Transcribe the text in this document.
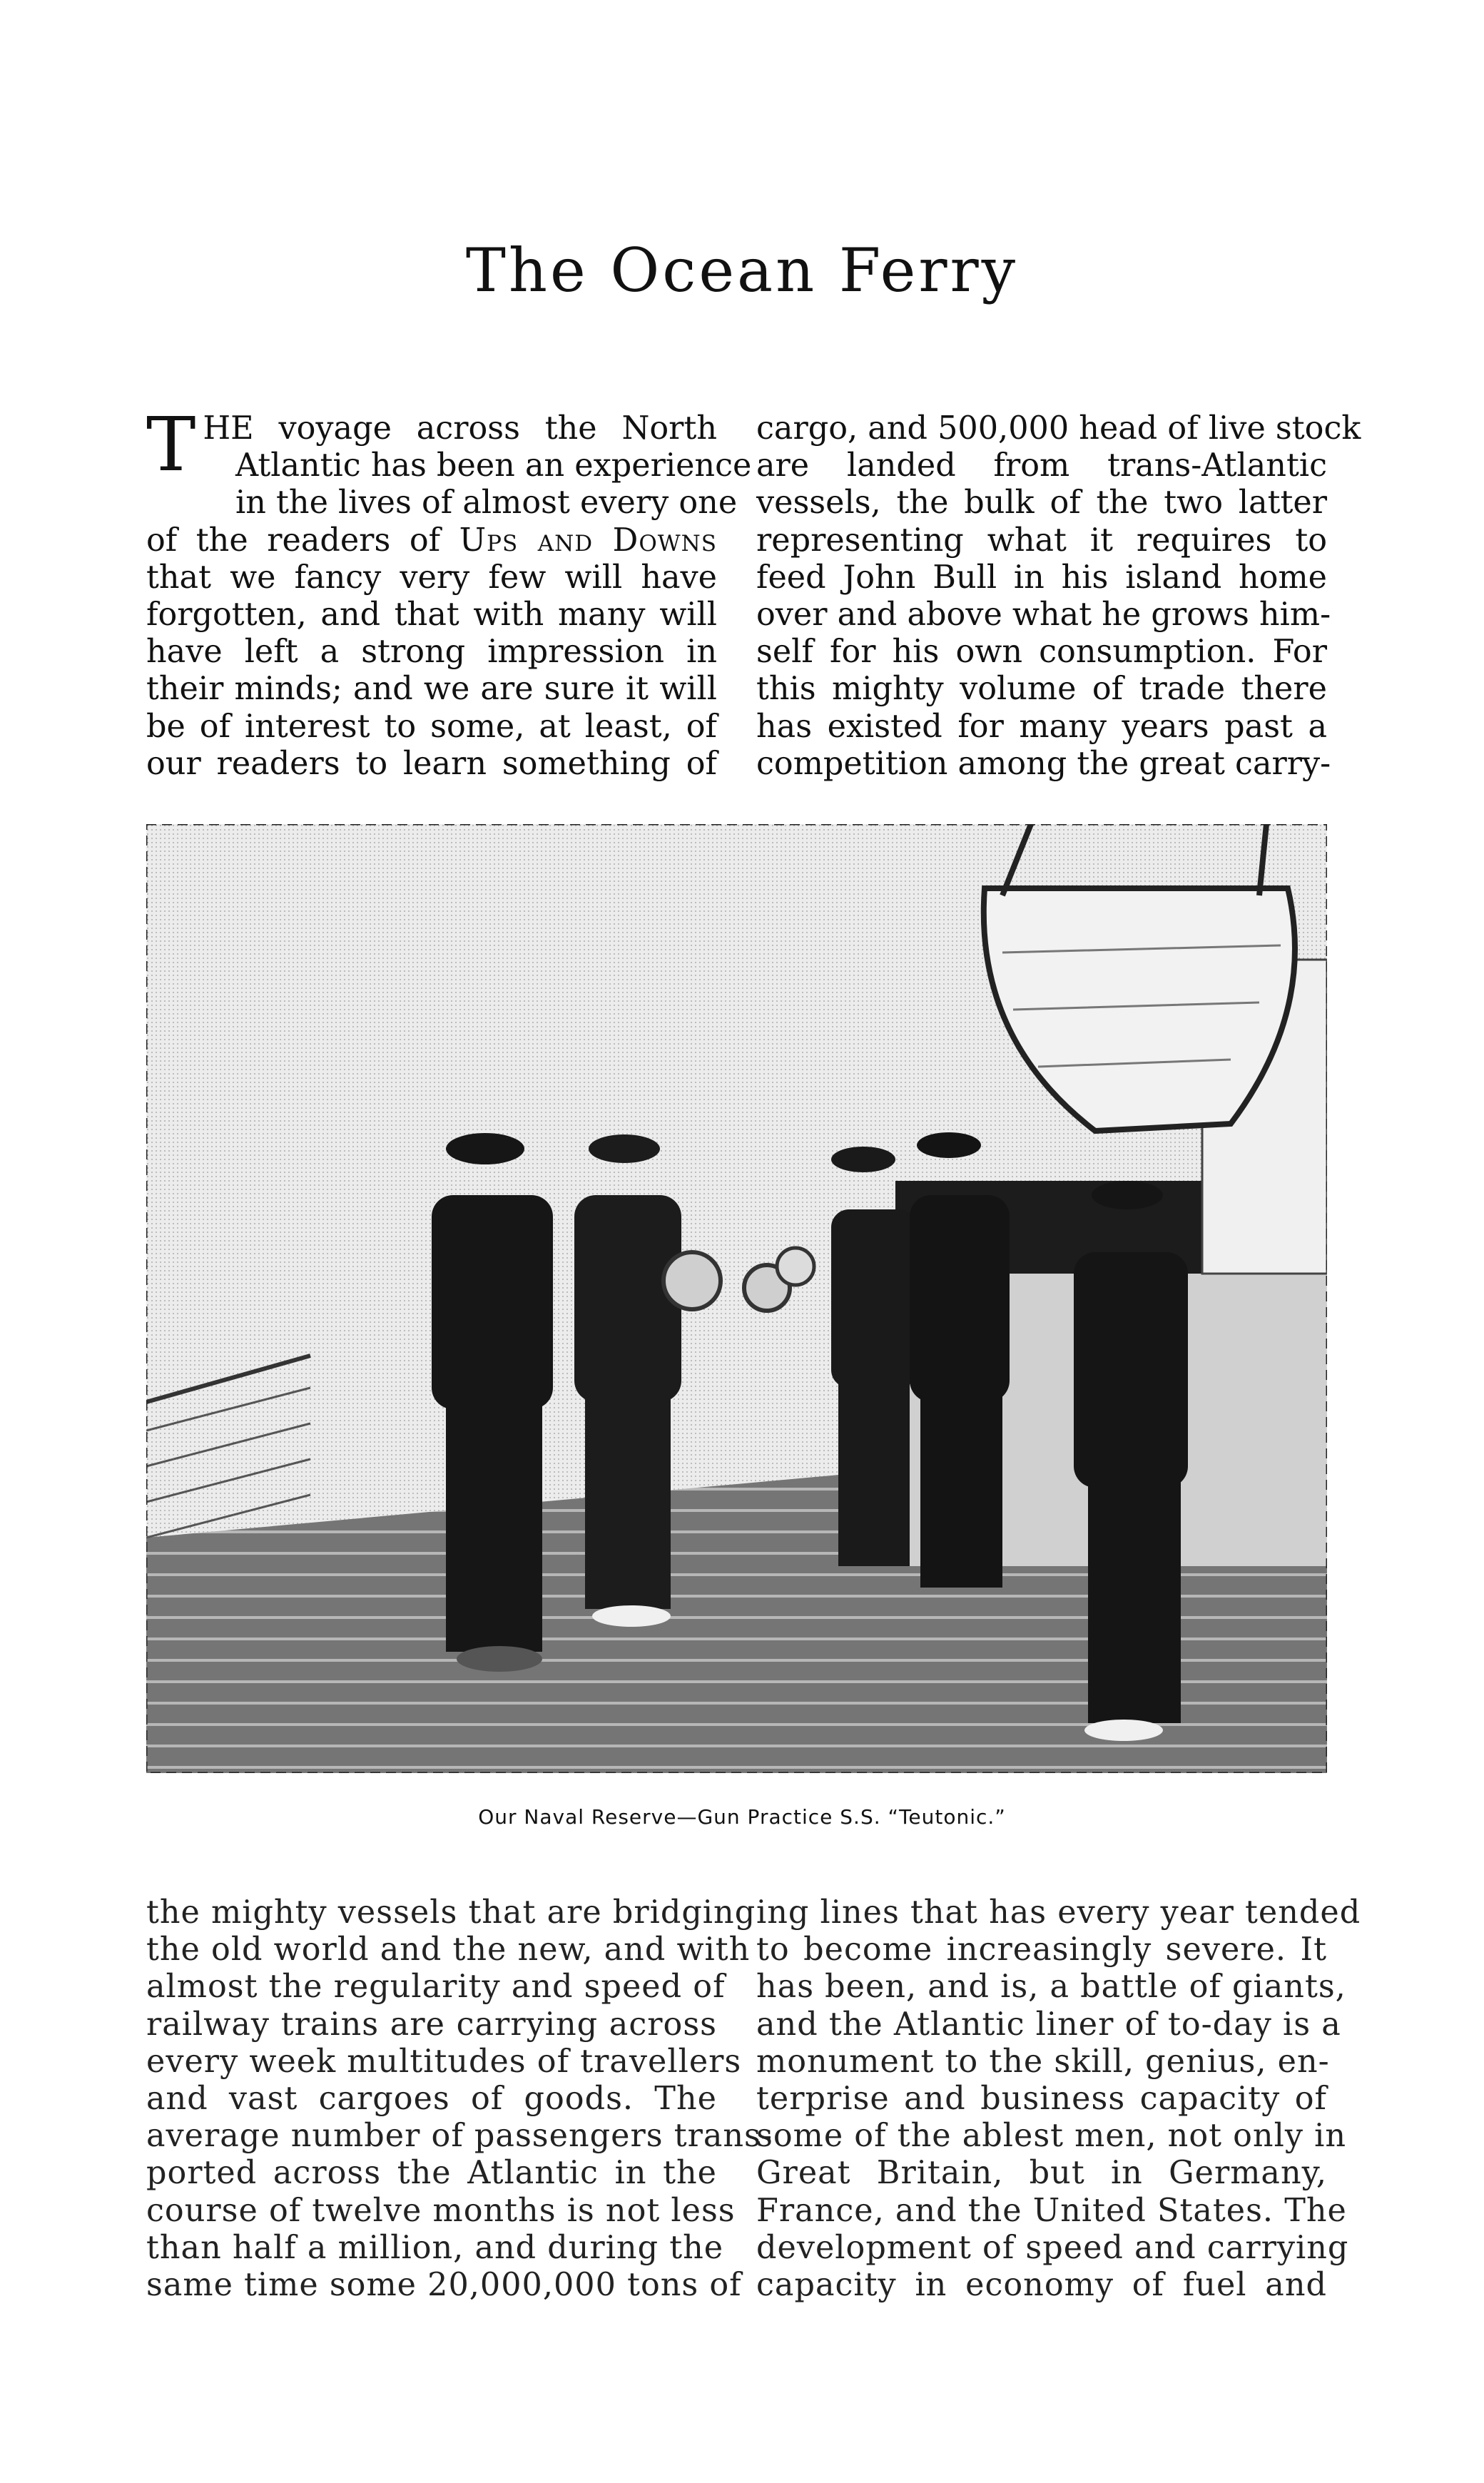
The Ocean Ferry
T HE voyage across the North

Atlantic has been an experience

in the lives of almost every one

of the readers of Ups and Downs

that we fancy very few will have

forgotten, and that with many will

have left a strong impression in

their minds; and we are sure it will

be of interest to some, at least, of

our readers to learn something of

cargo, and 500,000 head of live stock

are landed from trans-Atlantic

vessels, the bulk of the two latter

representing what it requires to

feed John Bull in his island home

over and above what he grows him-

self for his own consumption. For

this mighty volume of trade there

has existed for many years past a

competition among the great carry-

Our Naval Reserve—Gun Practice S.S. “Teutonic.”

the mighty vessels that are bridging

the old world and the new, and with

almost the regularity and speed of

railway trains are carrying across

every week multitudes of travellers

and vast cargoes of goods. The

average number of passengers trans-

ported across the Atlantic in the

course of twelve months is not less

than half a million, and during the

same time some 20,000,000 tons of

ing lines that has every year tended

to become increasingly severe. It

has been, and is, a battle of giants,

and the Atlantic liner of to-day is a

monument to the skill, genius, en-

terprise and business capacity of

some of the ablest men, not only in

Great Britain, but in Germany,

France, and the United States. The

development of speed and carrying

capacity in economy of fuel and
